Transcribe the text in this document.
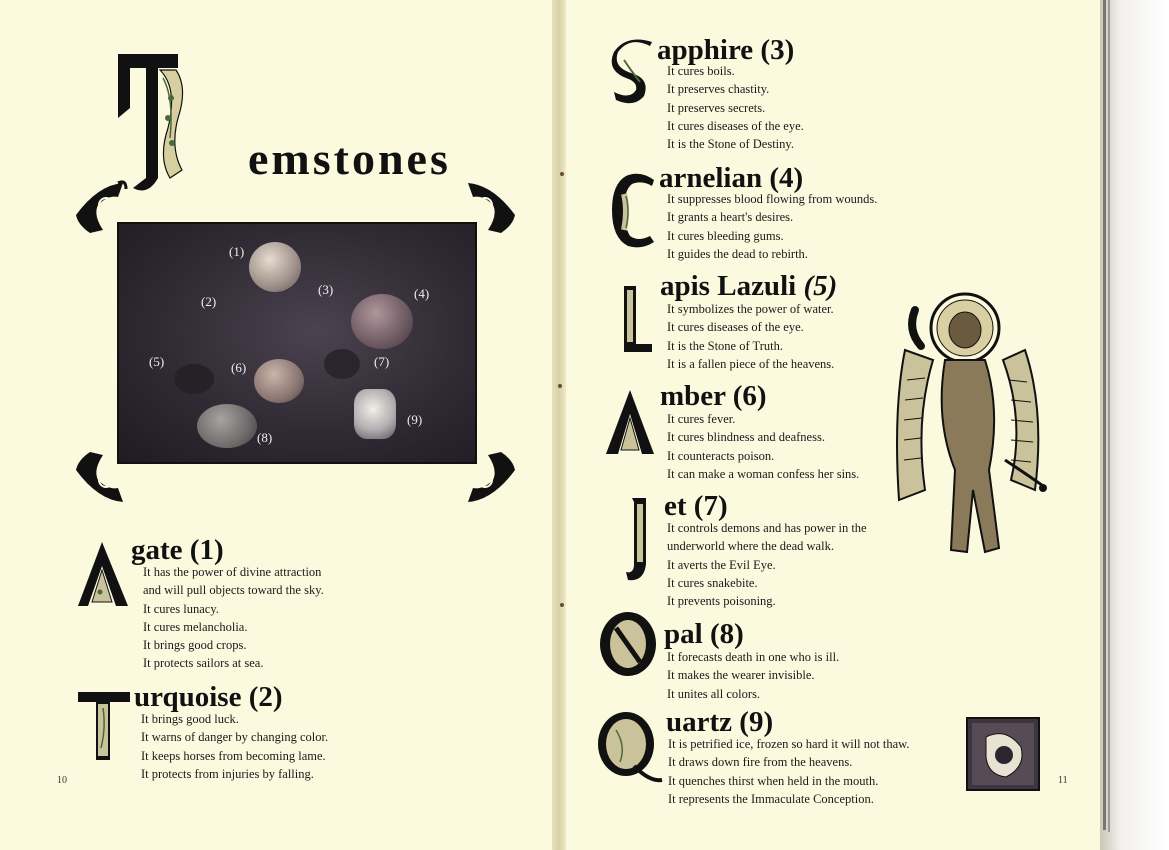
emstones
(1)
(2)
(3)	(4)
(5)	(6)	(7)
(8)
(9)
gate (1)
It has the power of divine attraction
and will pull objects toward the sky.
It cures lunacy.
It cures melancholia.
It brings good crops.
It protects sailors at sea.
urquoise (2)
It brings good luck.
It warns of danger by changing color.
It keeps horses from becoming lame.
It protects from injuries by falling.
10
apphire (3)
It cures boils.
It preserves chastity.
It preserves secrets.
It cures diseases of the eye.
It is the Stone of Destiny.
arnelian (4)
It suppresses blood flowing from wounds.
It grants a heart's desires.
It cures bleeding gums.
It guides the dead to rebirth.
apis Lazuli (5)
It symbolizes the power of water.
It cures diseases of the eye.
It is the Stone of Truth.
It is a fallen piece of the heavens.
mber (6)
It cures fever.
It cures blindness and deafness.
It counteracts poison.
It can make a woman confess her sins.
et (7)
It controls demons and has power in the
underworld where the dead walk.
It averts the Evil Eye.
It cures snakebite.
It prevents poisoning.
pal (8)
It forecasts death in one who is ill.
It makes the wearer invisible.
It unites all colors.
uartz (9)
It is petrified ice, frozen so hard it will not thaw.
It draws down fire from the heavens.
It quenches thirst when held in the mouth.
It represents the Immaculate Conception.
11
